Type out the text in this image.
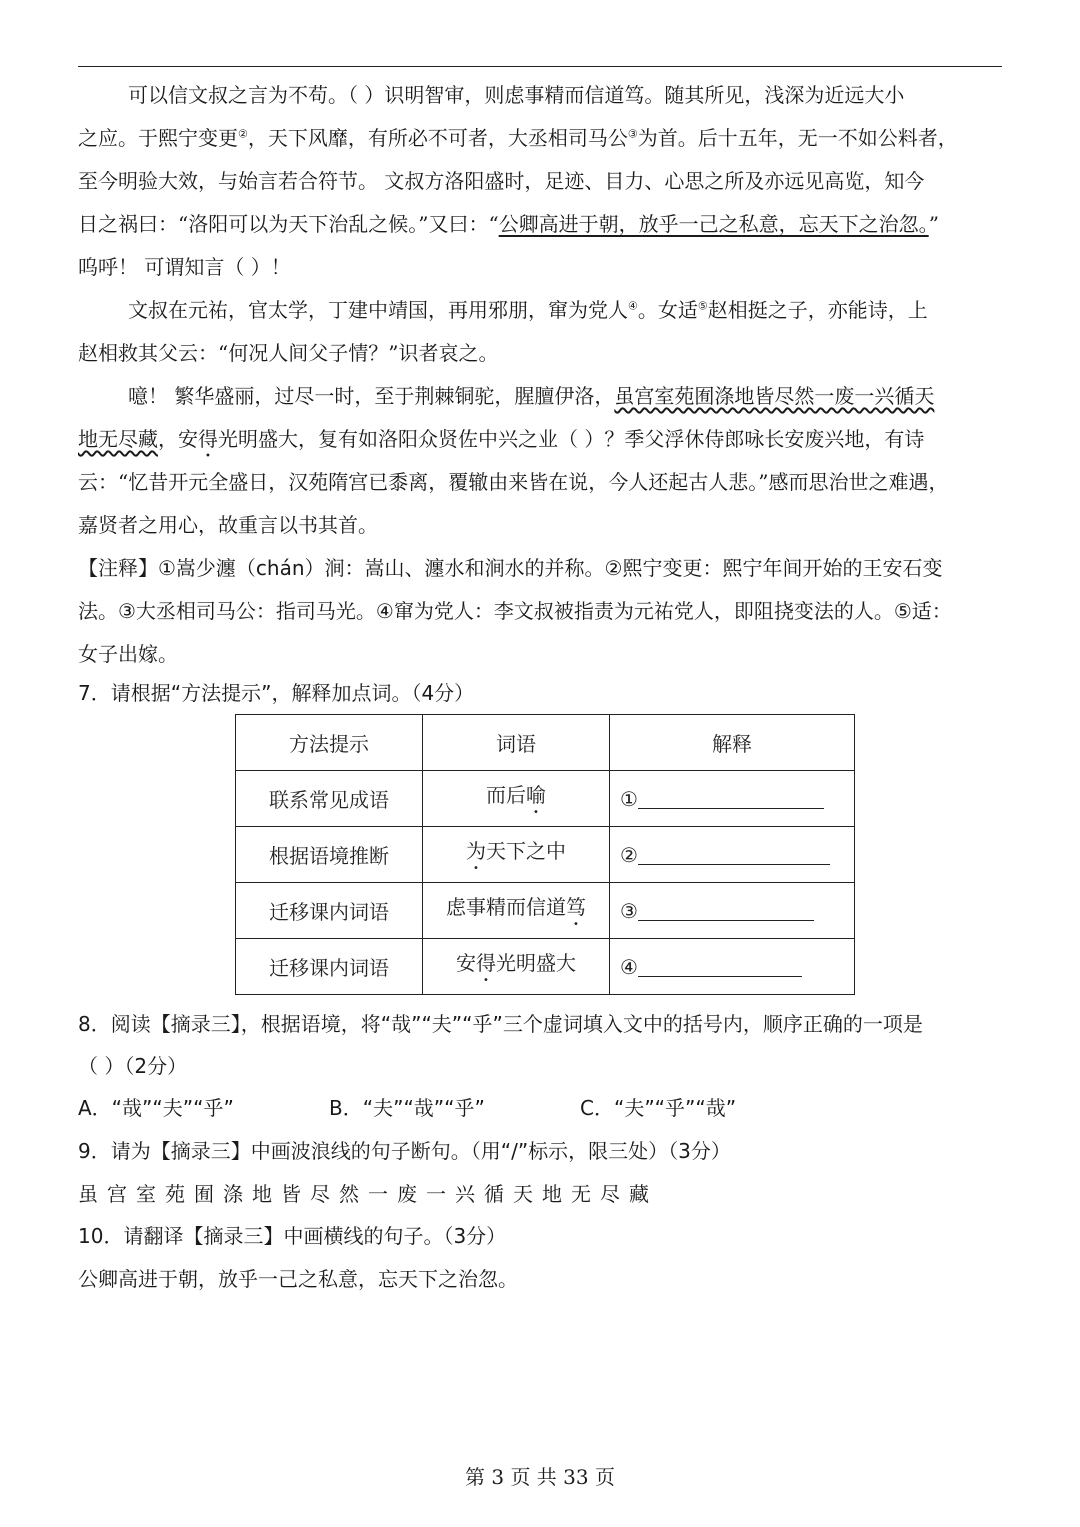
可以信文叔之言为不苟。（ ）识明智审，则虑事精而信道笃。随其所见，浅深为近远大小
之应。于熙宁变更②，天下风靡，有所必不可者，大丞相司马公③为首。后十五年，无一不如公料者，
至今明验大效，与始言若合符节。 文叔方洛阳盛时，足迹、目力、心思之所及亦远见高览，知今
日之祸曰：“洛阳可以为天下治乱之候。”又曰：“公卿高进于朝，放乎一己之私意，忘天下之治忽。”
呜呼！ 可谓知言（ ）！
文叔在元祐，官太学，丁建中靖国，再用邪朋，窜为党人④。女适⑤赵相挺之子，亦能诗，上
赵相救其父云：“何况人间父子情？”识者哀之。
噫！ 繁华盛丽，过尽一时，至于荆棘铜驼，腥膻伊洛，虽宫室苑囿涤地皆尽然一废一兴循天
地无尽藏，安得光明盛大，复有如洛阳众贤佐中兴之业（ ）？季父浮休侍郎咏长安废兴地，有诗
云：“忆昔开元全盛日，汉苑隋宫已黍离，覆辙由来皆在说，今人还起古人悲。”感而思治世之难遇，
嘉贤者之用心，故重言以书其首。
【注释】①嵩少瀍（chán）涧：嵩山、瀍水和涧水的并称。②熙宁变更：熙宁年间开始的王安石变
法。③大丞相司马公：指司马光。④窜为党人：李文叔被指责为元祐党人，即阻挠变法的人。⑤适：
女子出嫁。
7．请根据“方法提示”，解释加点词。（4分）
方法提示	词语	解释
联系常见成语	而后喻	①
根据语境推断	为天下之中	②
迁移课内词语	虑事精而信道笃	③
迁移课内词语	安得光明盛大	④
8．阅读【摘录三】，根据语境，将“哉”“夫”“乎”三个虚词填入文中的括号内，顺序正确的一项是
（ ）（2分）
A．“哉”“夫”“乎”	B．“夫”“哉”“乎”	C．“夫”“乎”“哉”
9．请为【摘录三】中画波浪线的句子断句。（用“/”标示，限三处）（3分）
虽宫室苑囿涤地皆尽然一废一兴循天地无尽藏
10．请翻译【摘录三】中画横线的句子。（3分）
公卿高进于朝，放乎一己之私意，忘天下之治忽。
第 3 页 共 33 页
